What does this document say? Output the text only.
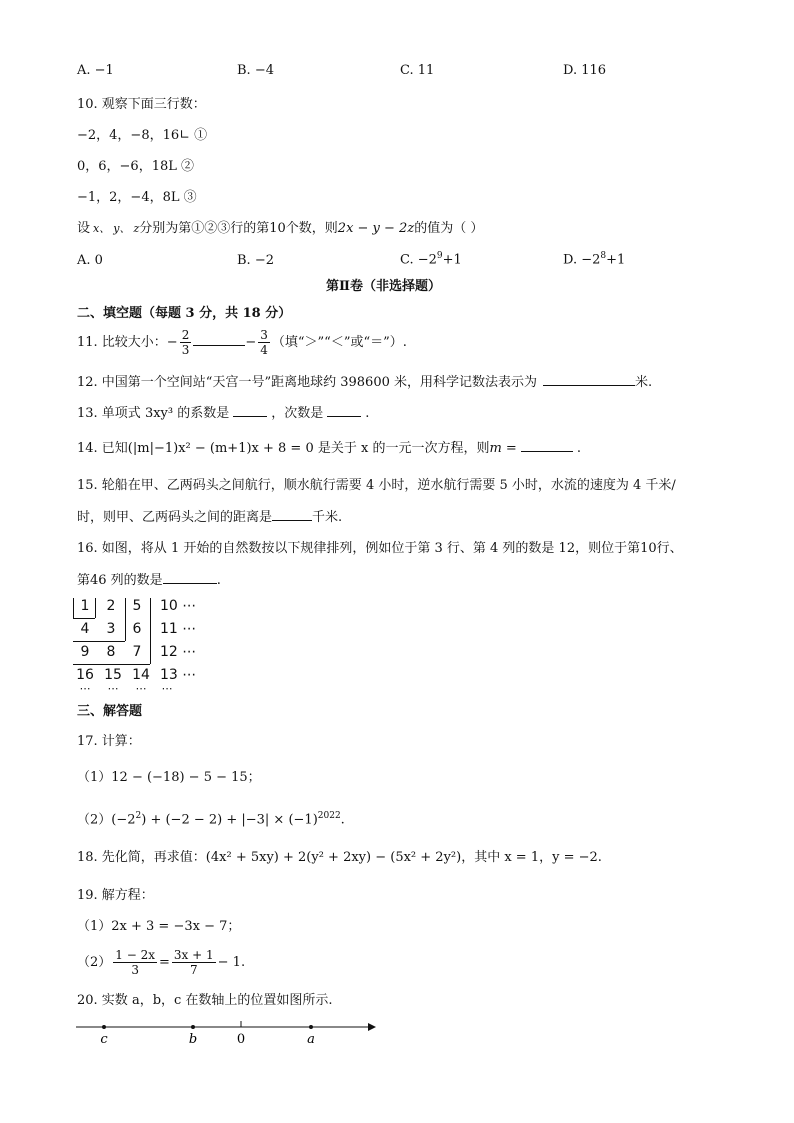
A. −1	B. −4	C. 11	D. 116
10. 观察下面三行数：
−2，4，−8，16∟ ①
0，6，−6，18L ②
−1，2，−4，8L ③
设 x、 y、 z分别为第①②③行的第10个数，则2x − y − 2z的值为（ ）
A. 0	B. −2	C. $-2^9+1$	D. $-2^8+1$
第Ⅱ卷（非选择题）
二、填空题（每题 3 分，共 18 分）
11. 比较大小：− $\frac{2}{3}$	− $\frac{3}{4}$ （填“＞”“＜”或“＝”）.
12. 中国第一个空间站“天宫一号”距离地球约 398600 米，用科学记数法表示为	米.
13. 单项式 3xy³ 的系数是	，次数是	.
14. 已知(|m|−1)x² − (m+1)x + 8 = 0 是关于 x 的一元一次方程，则m =	.
15. 轮船在甲、乙两码头之间航行，顺水航行需要 4 小时，逆水航行需要 5 小时，水流的速度为 4 千米/
时，则甲、乙两码头之间的距离是	千米.
16. 如图，将从 1 开始的自然数按以下规律排列，例如位于第 3 行、第 4 列的数是 12，则位于第10行、
第46 列的数是	.
1	2	5	10 ⋯
4	3	6	11 ⋯
9	8	7	12 ⋯
16 15 14 13 ⋯
⋯	⋯	⋯	⋯
三、解答题
17. 计算：
（1）12 − (−18) − 5 − 15；
$(2)(-2^2) + (-2 - 2) + |-3| \times (-1)^{2022}$.
18. 先化简，再求值：(4x² + 5xy) + 2(y² + 2xy) − (5x² + 2y²)，其中 x = 1，y = −2.
19. 解方程：
（1）2x + 3 = −3x − 7；
$(2) \frac{1 - 2x}{3} = \frac{3x + 1}{7} - 1$.
20. 实数 a，b，c 在数轴上的位置如图所示.
c	b	0	a
